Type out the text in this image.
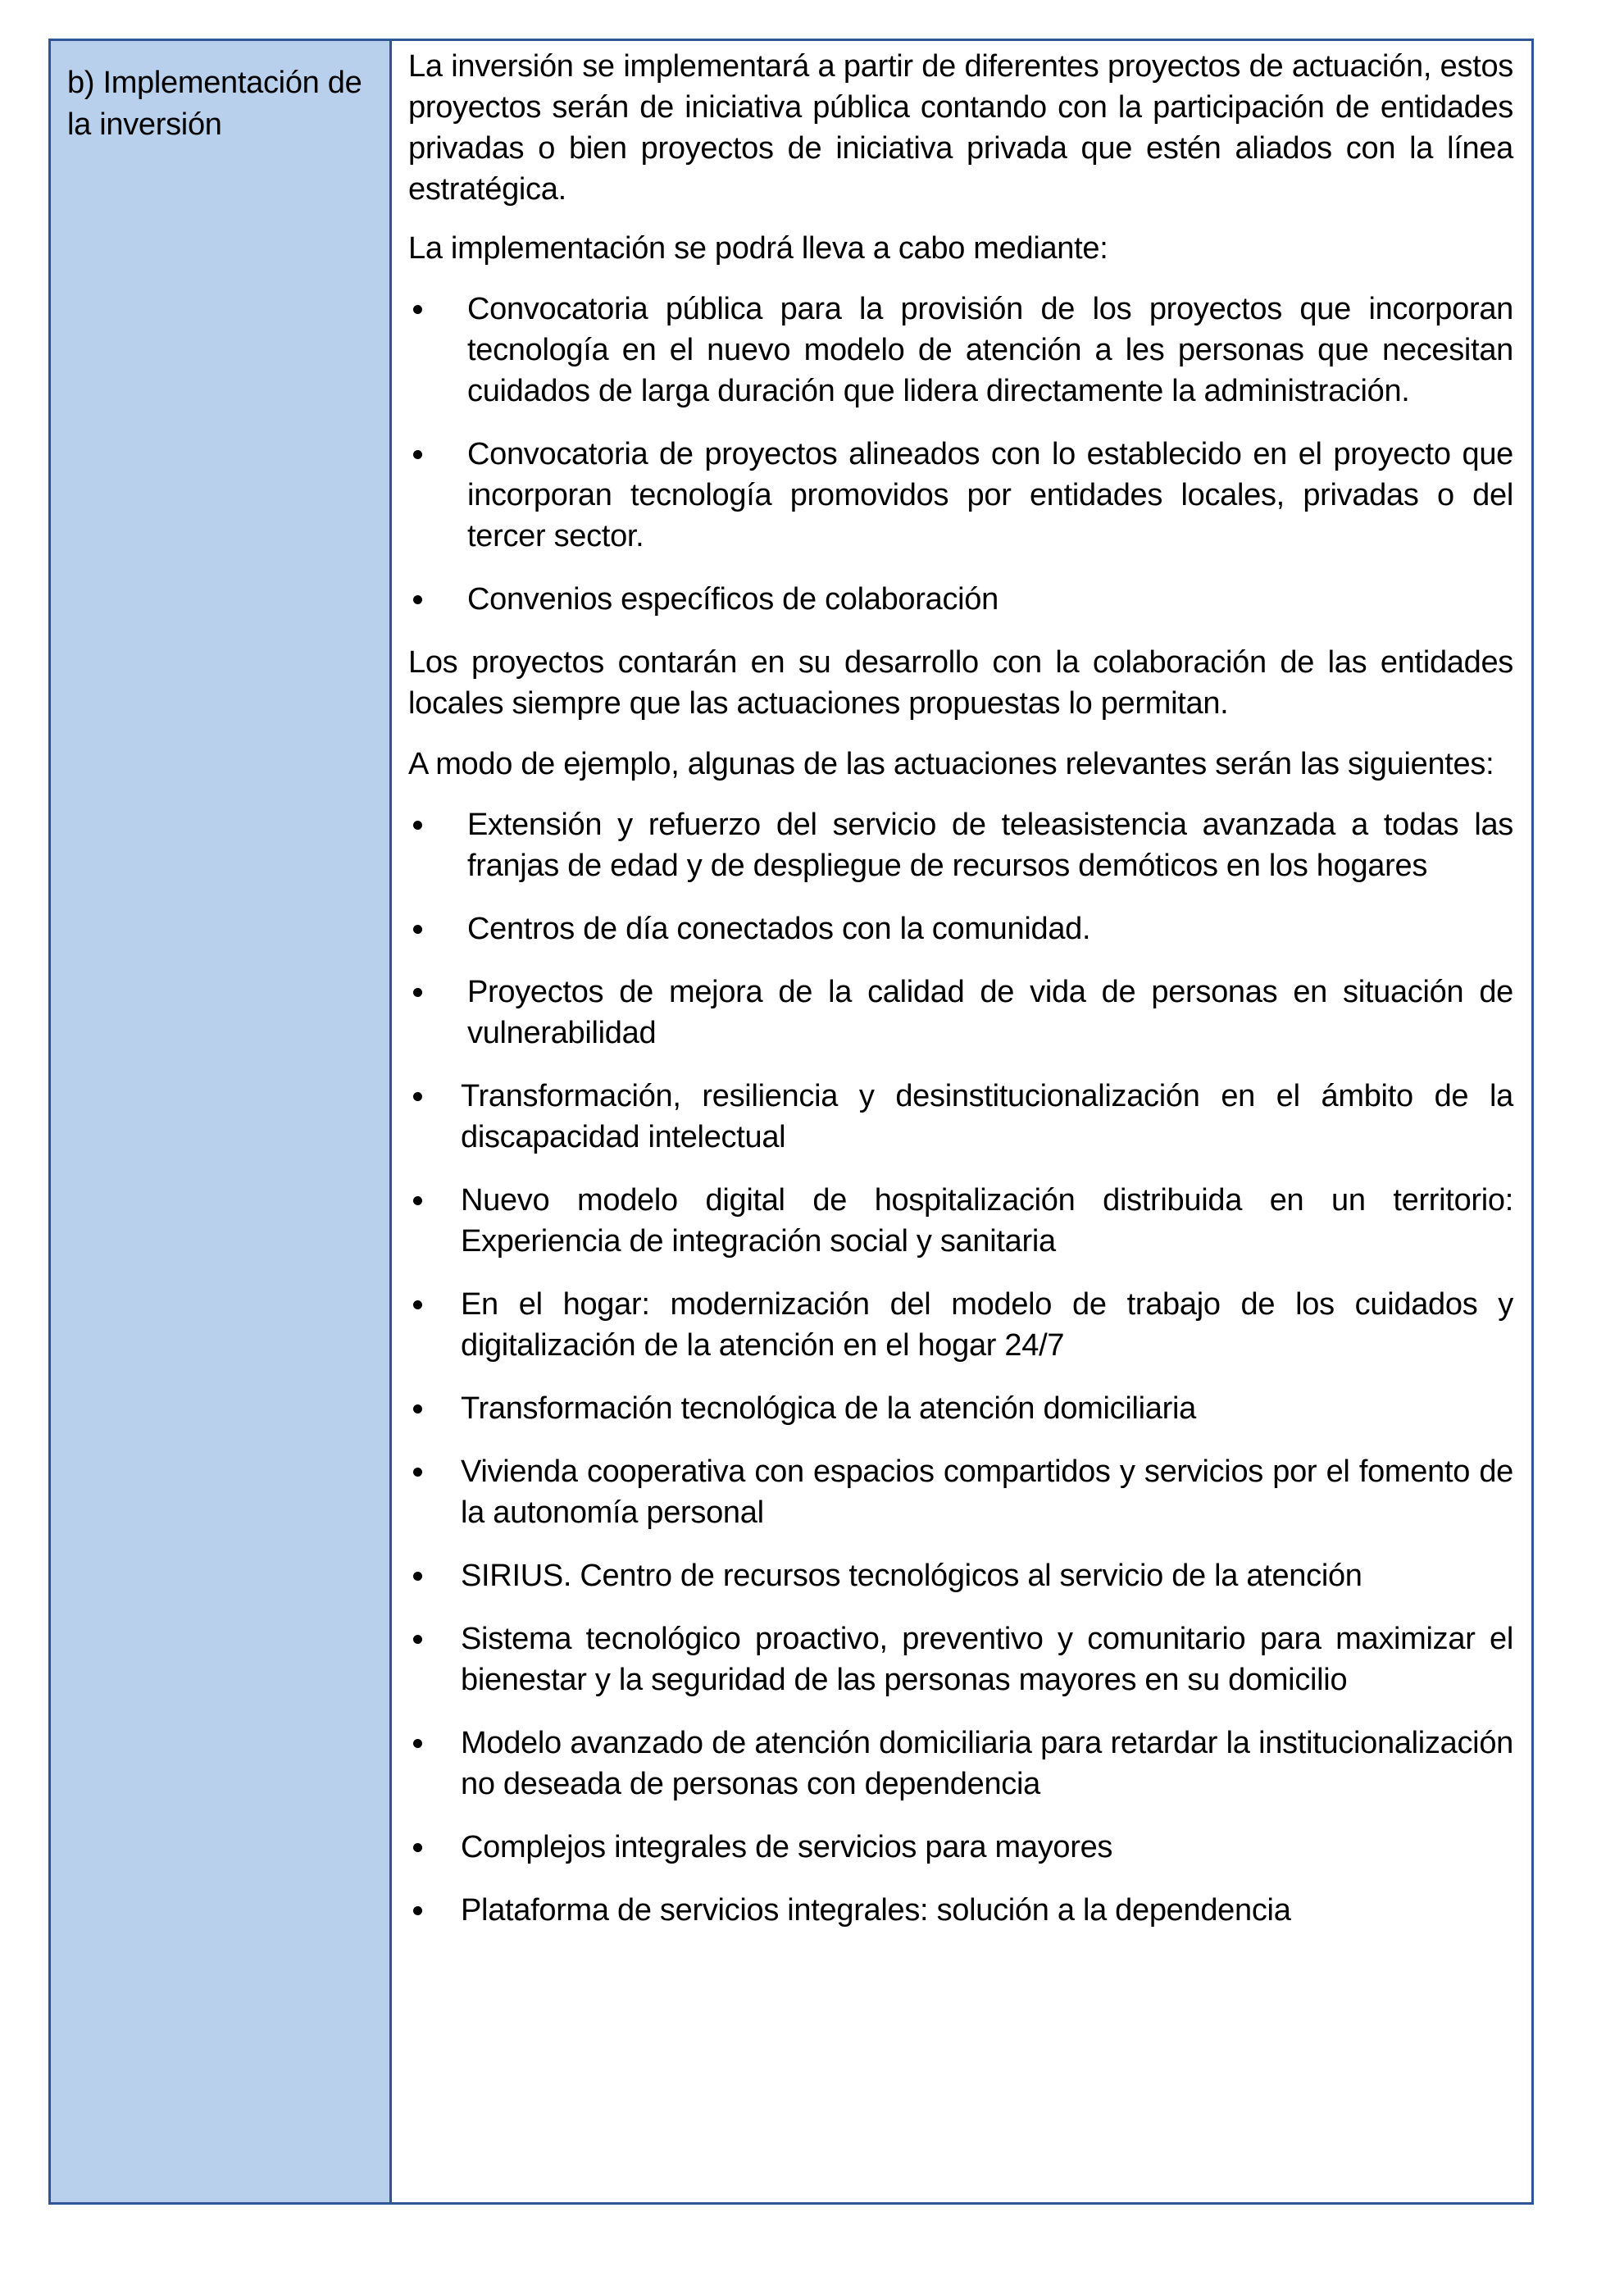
b) Implementación de la inversión

La inversión se implementará a partir de diferentes proyectos de actuación, estos proyectos serán de iniciativa pública contando con la participación de entidades privadas o bien proyectos de iniciativa privada que estén aliados con la línea estratégica.

La implementación se podrá lleva a cabo mediante:

Convocatoria pública para la provisión de los proyectos que incorporan tecnología en el nuevo modelo de atención a les personas que necesitan cuidados de larga duración que lidera directamente la administración.
Convocatoria de proyectos alineados con lo establecido en el proyecto que incorporan tecnología promovidos por entidades locales, privadas o del tercer sector.
Convenios específicos de colaboración

Los proyectos contarán en su desarrollo con la colaboración de las entidades locales siempre que las actuaciones propuestas lo permitan.

A modo de ejemplo, algunas de las actuaciones relevantes serán las siguientes:

Extensión y refuerzo del servicio de teleasistencia avanzada a todas las franjas de edad y de despliegue de recursos demóticos en los hogares
Centros de día conectados con la comunidad.
Proyectos de mejora de la calidad de vida de personas en situación de vulnerabilidad
Transformación, resiliencia y desinstitucionalización en el ámbito de la discapacidad intelectual
Nuevo modelo digital de hospitalización distribuida en un territorio: Experiencia de integración social y sanitaria
En el hogar: modernización del modelo de trabajo de los cuidados y digitalización de la atención en el hogar 24/7
Transformación tecnológica de la atención domiciliaria
Vivienda cooperativa con espacios compartidos y servicios por el fomento de la autonomía personal
SIRIUS. Centro de recursos tecnológicos al servicio de la atención
Sistema tecnológico proactivo, preventivo y comunitario para maximizar el bienestar y la seguridad de las personas mayores en su domicilio
Modelo avanzado de atención domiciliaria para retardar la institucionalización no deseada de personas con dependencia
Complejos integrales de servicios para mayores
Plataforma de servicios integrales: solución a la dependencia
